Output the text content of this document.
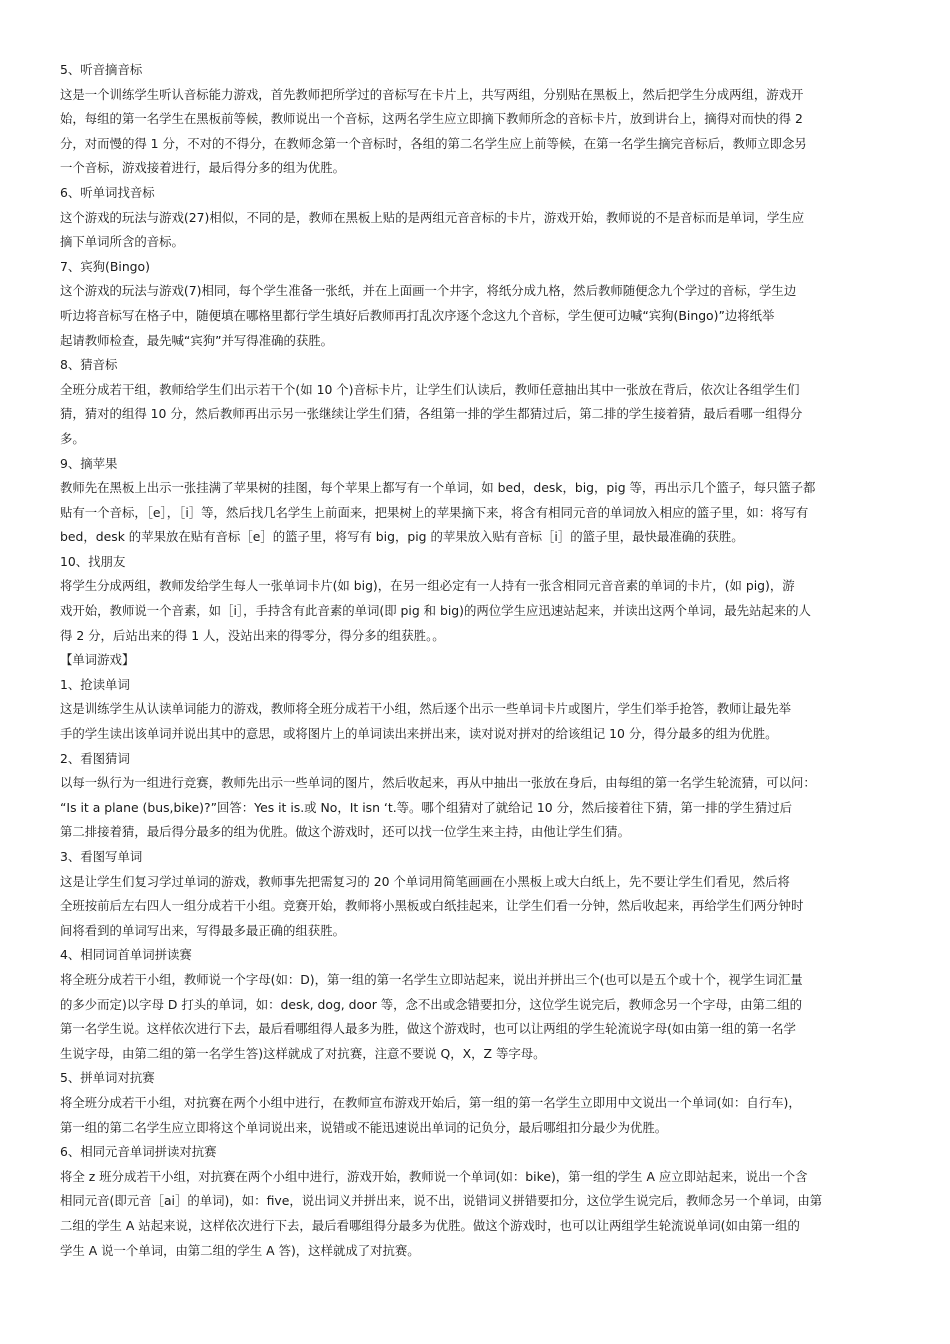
5、听音摘音标
这是一个训练学生听认音标能力游戏，首先教师把所学过的音标写在卡片上，共写两组，分别贴在黑板上，然后把学生分成两组，游戏开
始，每组的第一名学生在黑板前等候，教师说出一个音标，这两名学生应立即摘下教师所念的音标卡片，放到讲台上，摘得对而快的得 2
分，对而慢的得 1 分，不对的不得分，在教师念第一个音标时，各组的第二名学生应上前等候，在第一名学生摘完音标后，教师立即念另
一个音标，游戏接着进行，最后得分多的组为优胜。
6、听单词找音标
这个游戏的玩法与游戏(27)相似，不同的是，教师在黑板上贴的是两组元音音标的卡片，游戏开始，教师说的不是音标而是单词，学生应
摘下单词所含的音标。
7、宾狗(Bingo)
这个游戏的玩法与游戏(7)相同，每个学生准备一张纸，并在上面画一个井字，将纸分成九格，然后教师随便念九个学过的音标，学生边
听边将音标写在格子中，随便填在哪格里都行学生填好后教师再打乱次序逐个念这九个音标，学生便可边喊“宾狗(Bingo)”边将纸举
起请教师检查，最先喊“宾狗”并写得准确的获胜。
8、猜音标
全班分成若干组，教师给学生们出示若干个(如 10 个)音标卡片，让学生们认读后，教师任意抽出其中一张放在背后，依次让各组学生们
猜，猜对的组得 10 分，然后教师再出示另一张继续让学生们猜，各组第一排的学生都猜过后，第二排的学生接着猜，最后看哪一组得分
多。
9、摘苹果
教师先在黑板上出示一张挂满了苹果树的挂图，每个苹果上都写有一个单词，如 bed，desk，big，pig 等，再出示几个篮子，每只篮子都
贴有一个音标，［e］，［i］等，然后找几名学生上前面来，把果树上的苹果摘下来，将含有相同元音的单词放入相应的篮子里，如：将写有
bed，desk 的苹果放在贴有音标［e］的篮子里，将写有 big，pig 的苹果放入贴有音标［i］的篮子里，最快最准确的获胜。
10、找朋友
将学生分成两组，教师发给学生每人一张单词卡片(如 big)，在另一组必定有一人持有一张含相同元音音素的单词的卡片，(如 pig)，游
戏开始，教师说一个音素，如［i］，手持含有此音素的单词(即 pig 和 big)的两位学生应迅速站起来，并读出这两个单词，最先站起来的人
得 2 分，后站出来的得 1 人，没站出来的得零分，得分多的组获胜。。
【单词游戏】
1、抢读单词
这是训练学生从认读单词能力的游戏，教师将全班分成若干小组，然后逐个出示一些单词卡片或图片，学生们举手抢答，教师让最先举
手的学生读出该单词并说出其中的意思，或将图片上的单词读出来拼出来，读对说对拼对的给该组记 10 分，得分最多的组为优胜。
2、看图猜词
以每一纵行为一组进行竞赛，教师先出示一些单词的图片，然后收起来，再从中抽出一张放在身后，由每组的第一名学生轮流猜，可以问：
“Is it a plane (bus,bike)?”回答：Yes it is.或 No，It isn ‘t.等。哪个组猜对了就给记 10 分，然后接着往下猜，第一排的学生猜过后
第二排接着猜，最后得分最多的组为优胜。做这个游戏时，还可以找一位学生来主持，由他让学生们猜。
3、看图写单词
这是让学生们复习学过单词的游戏，教师事先把需复习的 20 个单词用简笔画画在小黑板上或大白纸上，先不要让学生们看见，然后将
全班按前后左右四人一组分成若干小组。竞赛开始，教师将小黑板或白纸挂起来，让学生们看一分钟，然后收起来，再给学生们两分钟时
间将看到的单词写出来，写得最多最正确的组获胜。
4、相同词首单词拼读赛
将全班分成若干小组，教师说一个字母(如：D)，第一组的第一名学生立即站起来，说出并拼出三个(也可以是五个或十个，视学生词汇量
的多少而定)以字母 D 打头的单词，如：desk, dog, door 等，念不出或念错要扣分，这位学生说完后，教师念另一个字母，由第二组的
第一名学生说。这样依次进行下去，最后看哪组得人最多为胜，做这个游戏时，也可以让两组的学生轮流说字母(如由第一组的第一名学
生说字母，由第二组的第一名学生答)这样就成了对抗赛，注意不要说 Q，X，Z 等字母。
5、拼单词对抗赛
将全班分成若干小组，对抗赛在两个小组中进行，在教师宣布游戏开始后，第一组的第一名学生立即用中文说出一个单词(如：自行车)，
第一组的第二名学生应立即将这个单词说出来，说错或不能迅速说出单词的记负分，最后哪组扣分最少为优胜。
6、相同元音单词拼读对抗赛
将全 z 班分成若干小组，对抗赛在两个小组中进行，游戏开始，教师说一个单词(如：bike)，第一组的学生 A 应立即站起来，说出一个含
相同元音(即元音［ai］的单词)，如：five，说出词义并拼出来，说不出，说错词义拼错要扣分，这位学生说完后，教师念另一个单词，由第
二组的学生 A 站起来说，这样依次进行下去，最后看哪组得分最多为优胜。做这个游戏时，也可以让两组学生轮流说单词(如由第一组的
学生 A 说一个单词，由第二组的学生 A 答)，这样就成了对抗赛。
